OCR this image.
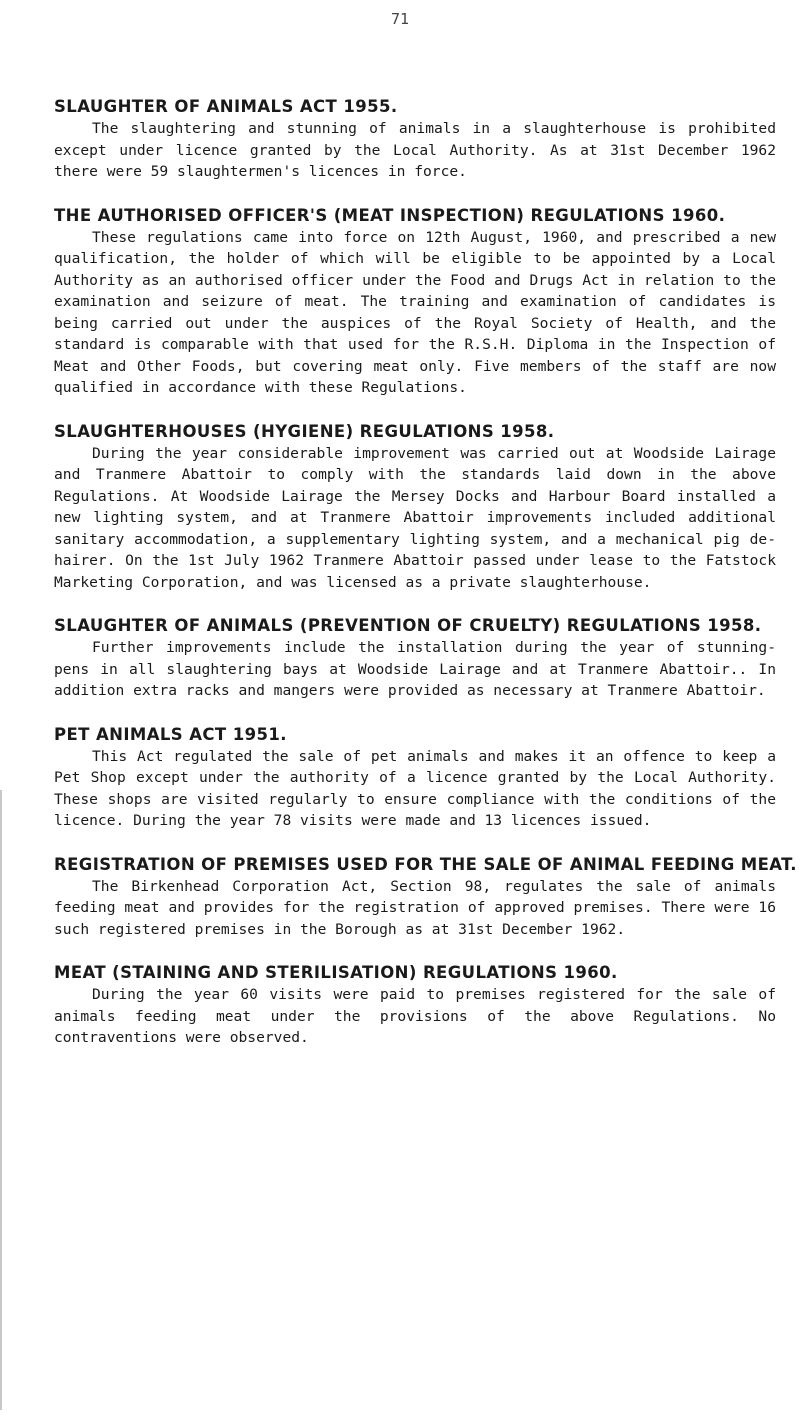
71
SLAUGHTER OF ANIMALS ACT 1955.

The slaughtering and stunning of animals in a slaughterhouse is prohibited except under licence granted by the Local Authority. As at 31st December 1962 there were 59 slaughtermen's licences in force.

THE AUTHORISED OFFICER'S (MEAT INSPECTION) REGULATIONS 1960.

These regulations came into force on 12th August, 1960, and prescribed a new qualification, the holder of which will be eligible to be appointed by a Local Authority as an authorised officer under the Food and Drugs Act in relation to the examination and seizure of meat. The training and examination of candidates is being carried out under the auspices of the Royal Society of Health, and the standard is comparable with that used for the R.S.H. Diploma in the Inspection of Meat and Other Foods, but covering meat only. Five members of the staff are now qualified in accordance with these Regulations.

SLAUGHTERHOUSES (HYGIENE) REGULATIONS 1958.

During the year considerable improvement was carried out at Woodside Lairage and Tranmere Abattoir to comply with the standards laid down in the above Regulations. At Woodside Lairage the Mersey Docks and Harbour Board installed a new lighting system, and at Tranmere Abattoir improvements included additional sanitary accommodation, a supplementary lighting system, and a mechanical pig de-hairer. On the 1st July 1962 Tranmere Abattoir passed under lease to the Fatstock Marketing Corporation, and was licensed as a private slaughterhouse.

SLAUGHTER OF ANIMALS (PREVENTION OF CRUELTY) REGULATIONS 1958.

Further improvements include the installation during the year of stunning-pens in all slaughtering bays at Woodside Lairage and at Tranmere Abattoir.. In addition extra racks and mangers were provided as necessary at Tranmere Abattoir.

PET ANIMALS ACT 1951.

This Act regulated the sale of pet animals and makes it an offence to keep a Pet Shop except under the authority of a licence granted by the Local Authority. These shops are visited regularly to ensure compliance with the conditions of the licence. During the year 78 visits were made and 13 licences issued.

REGISTRATION OF PREMISES USED FOR THE SALE OF ANIMAL FEEDING MEAT.

The Birkenhead Corporation Act, Section 98, regulates the sale of animals feeding meat and provides for the registration of approved premises. There were 16 such registered premises in the Borough as at 31st December 1962.

MEAT (STAINING AND STERILISATION) REGULATIONS 1960.

During the year 60 visits were paid to premises registered for the sale of animals feeding meat under the provisions of the above Regulations. No contraventions were observed.
